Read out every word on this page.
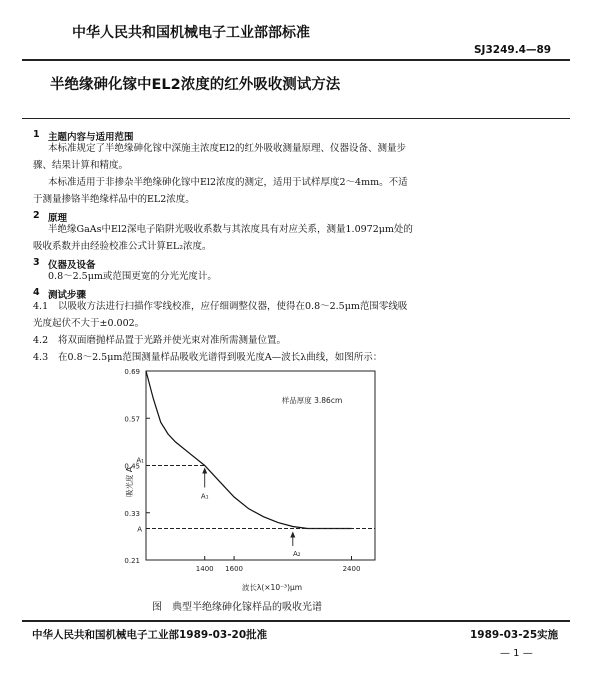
中华人民共和国机械电子工业部部标准
SJ3249.4—89
半绝缘砷化镓中EL2浓度的红外吸收测试方法
1 主题内容与适用范围
本标准规定了半绝缘砷化镓中深施主浓度El2的红外吸收测量原理、仪器设备、测量步
骤、结果计算和精度。
本标准适用于非掺杂半绝缘砷化镓中El2浓度的测定，适用于试样厚度2～4mm。不适
于测量掺铬半绝缘样品中的EL2浓度。
2 原理
半绝缘GaAs中El2深电子陷阱光吸收系数与其浓度具有对应关系，测量1.0972μm处的
吸收系数并由经验校准公式计算EL₂浓度。
3 仪器及设备
0.8～2.5μm或范围更宽的分光光度计。
4 测试步骤
4.1 以吸收方法进行扫描作零线校准，应仔细调整仪器，使得在0.8～2.5μm范围零线吸
光度起伏不大于±0.002。
4.2 将双面磨抛样品置于光路并使光束对准所需测量位置。
4.3 在0.8～2.5μm范围测量样品吸收光谱得到吸光度A—波长λ曲线，如图所示：
0.69
0.57
0.45
0.33
0.21
1400 1600	2400
吸光度 A
波长λ(×10⁻³)μm
样品厚度 3.86cm
A₁
A₁
A
A₂
图　典型半绝缘砷化镓样品的吸收光谱
中华人民共和国机械电子工业部1989-03-20批准	1989-03-25实施
— 1 —
